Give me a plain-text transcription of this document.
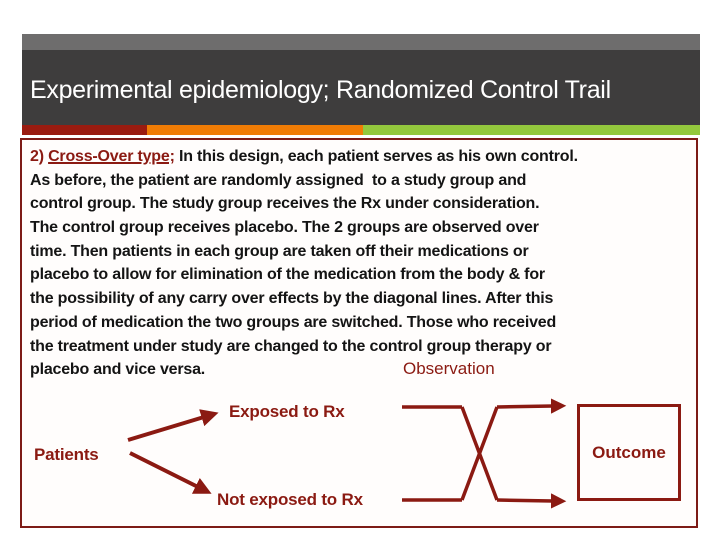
Experimental epidemiology; Randomized Control Trail
2) Cross-Over type; In this design, each patient serves as his own control.
As before, the patient are randomly assigned  to a study group and
control group. The study group receives the Rx under consideration.
The control group receives placebo. The 2 groups are observed over
time. Then patients in each group are taken off their medications or
placebo to allow for elimination of the medication from the body & for
the possibility of any carry over effects by the diagonal lines. After this
period of medication the two groups are switched. Those who received
the treatment under study are changed to the control group therapy or
placebo and vice versa.	Observation
Exposed to Rx
Patients
Not exposed to Rx
Outcome
